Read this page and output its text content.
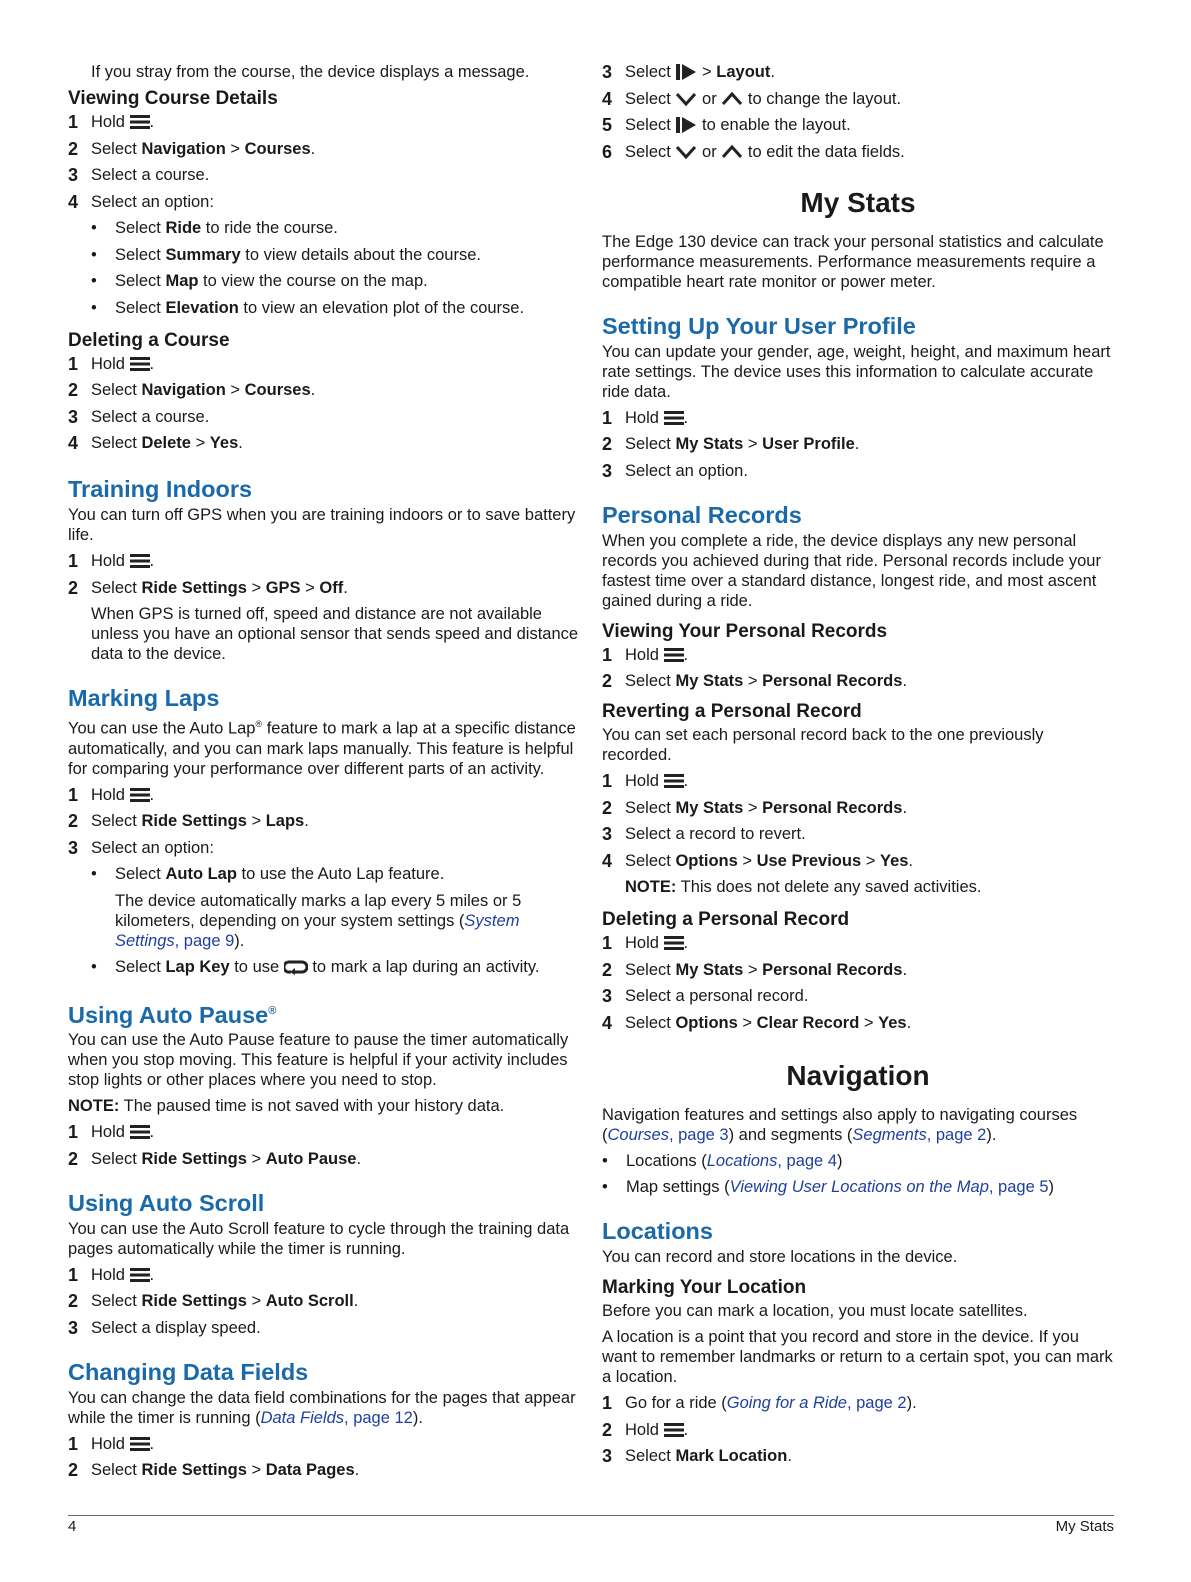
If you stray from the course, the device displays a message.

Viewing Course Details
1 Hold .
2 Select Navigation > Courses.
3 Select a course.
4 Select an option:
•	Select Ride to ride the course.
•	Select Summary to view details about the course.
•	Select Map to view the course on the map.
•	Select Elevation to view an elevation plot of the course.
Deleting a Course
1 Hold .
2 Select Navigation > Courses.
3 Select a course.
4 Select Delete > Yes.
Training Indoors

You can turn off GPS when you are training indoors or to save battery life.

1 Hold .
2 Select Ride Settings > GPS > Off.

When GPS is turned off, speed and distance are not available unless you have an optional sensor that sends speed and distance data to the device.

Marking Laps

You can use the Auto Lap® feature to mark a lap at a specific distance automatically, and you can mark laps manually. This feature is helpful for comparing your performance over different parts of an activity.

1 Hold .
2 Select Ride Settings > Laps.
3 Select an option:
•	Select Auto Lap to use the Auto Lap feature.

The device automatically marks a lap every 5 miles or 5 kilometers, depending on your system settings (System Settings, page 9).

•	Select Lap Key to use  to mark a lap during an activity.
Using Auto Pause®

You can use the Auto Pause feature to pause the timer automatically when you stop moving. This feature is helpful if your activity includes stop lights or other places where you need to stop.

NOTE: The paused time is not saved with your history data.

1 Hold .
2 Select Ride Settings > Auto Pause.
Using Auto Scroll

You can use the Auto Scroll feature to cycle through the training data pages automatically while the timer is running.

1 Hold .
2 Select Ride Settings > Auto Scroll.
3 Select a display speed.
Changing Data Fields

You can change the data field combinations for the pages that appear while the timer is running (Data Fields, page 12).

1 Hold .
2 Select Ride Settings > Data Pages.
3 Select  > Layout.
4 Select  or  to change the layout.
5 Select  to enable the layout.
6 Select  or  to edit the data fields.
My Stats

The Edge 130 device can track your personal statistics and calculate performance measurements. Performance measurements require a compatible heart rate monitor or power meter.

Setting Up Your User Profile

You can update your gender, age, weight, height, and maximum heart rate settings. The device uses this information to calculate accurate ride data.

1 Hold .
2 Select My Stats > User Profile.
3 Select an option.
Personal Records

When you complete a ride, the device displays any new personal records you achieved during that ride. Personal records include your fastest time over a standard distance, longest ride, and most ascent gained during a ride.

Viewing Your Personal Records
1 Hold .
2 Select My Stats > Personal Records.
Reverting a Personal Record

You can set each personal record back to the one previously recorded.

1 Hold .
2 Select My Stats > Personal Records.
3 Select a record to revert.
4 Select Options > Use Previous > Yes.

NOTE: This does not delete any saved activities.

Deleting a Personal Record
1 Hold .
2 Select My Stats > Personal Records.
3 Select a personal record.
4 Select Options > Clear Record > Yes.
Navigation

Navigation features and settings also apply to navigating courses (Courses, page 3) and segments (Segments, page 2).

•	Locations (Locations, page 4)
•	Map settings (Viewing User Locations on the Map, page 5)
Locations

You can record and store locations in the device.

Marking Your Location

Before you can mark a location, you must locate satellites.

A location is a point that you record and store in the device. If you want to remember landmarks or return to a certain spot, you can mark a location.

1 Go for a ride (Going for a Ride, page 2).
2 Hold .
3 Select Mark Location.
4	My Stats
